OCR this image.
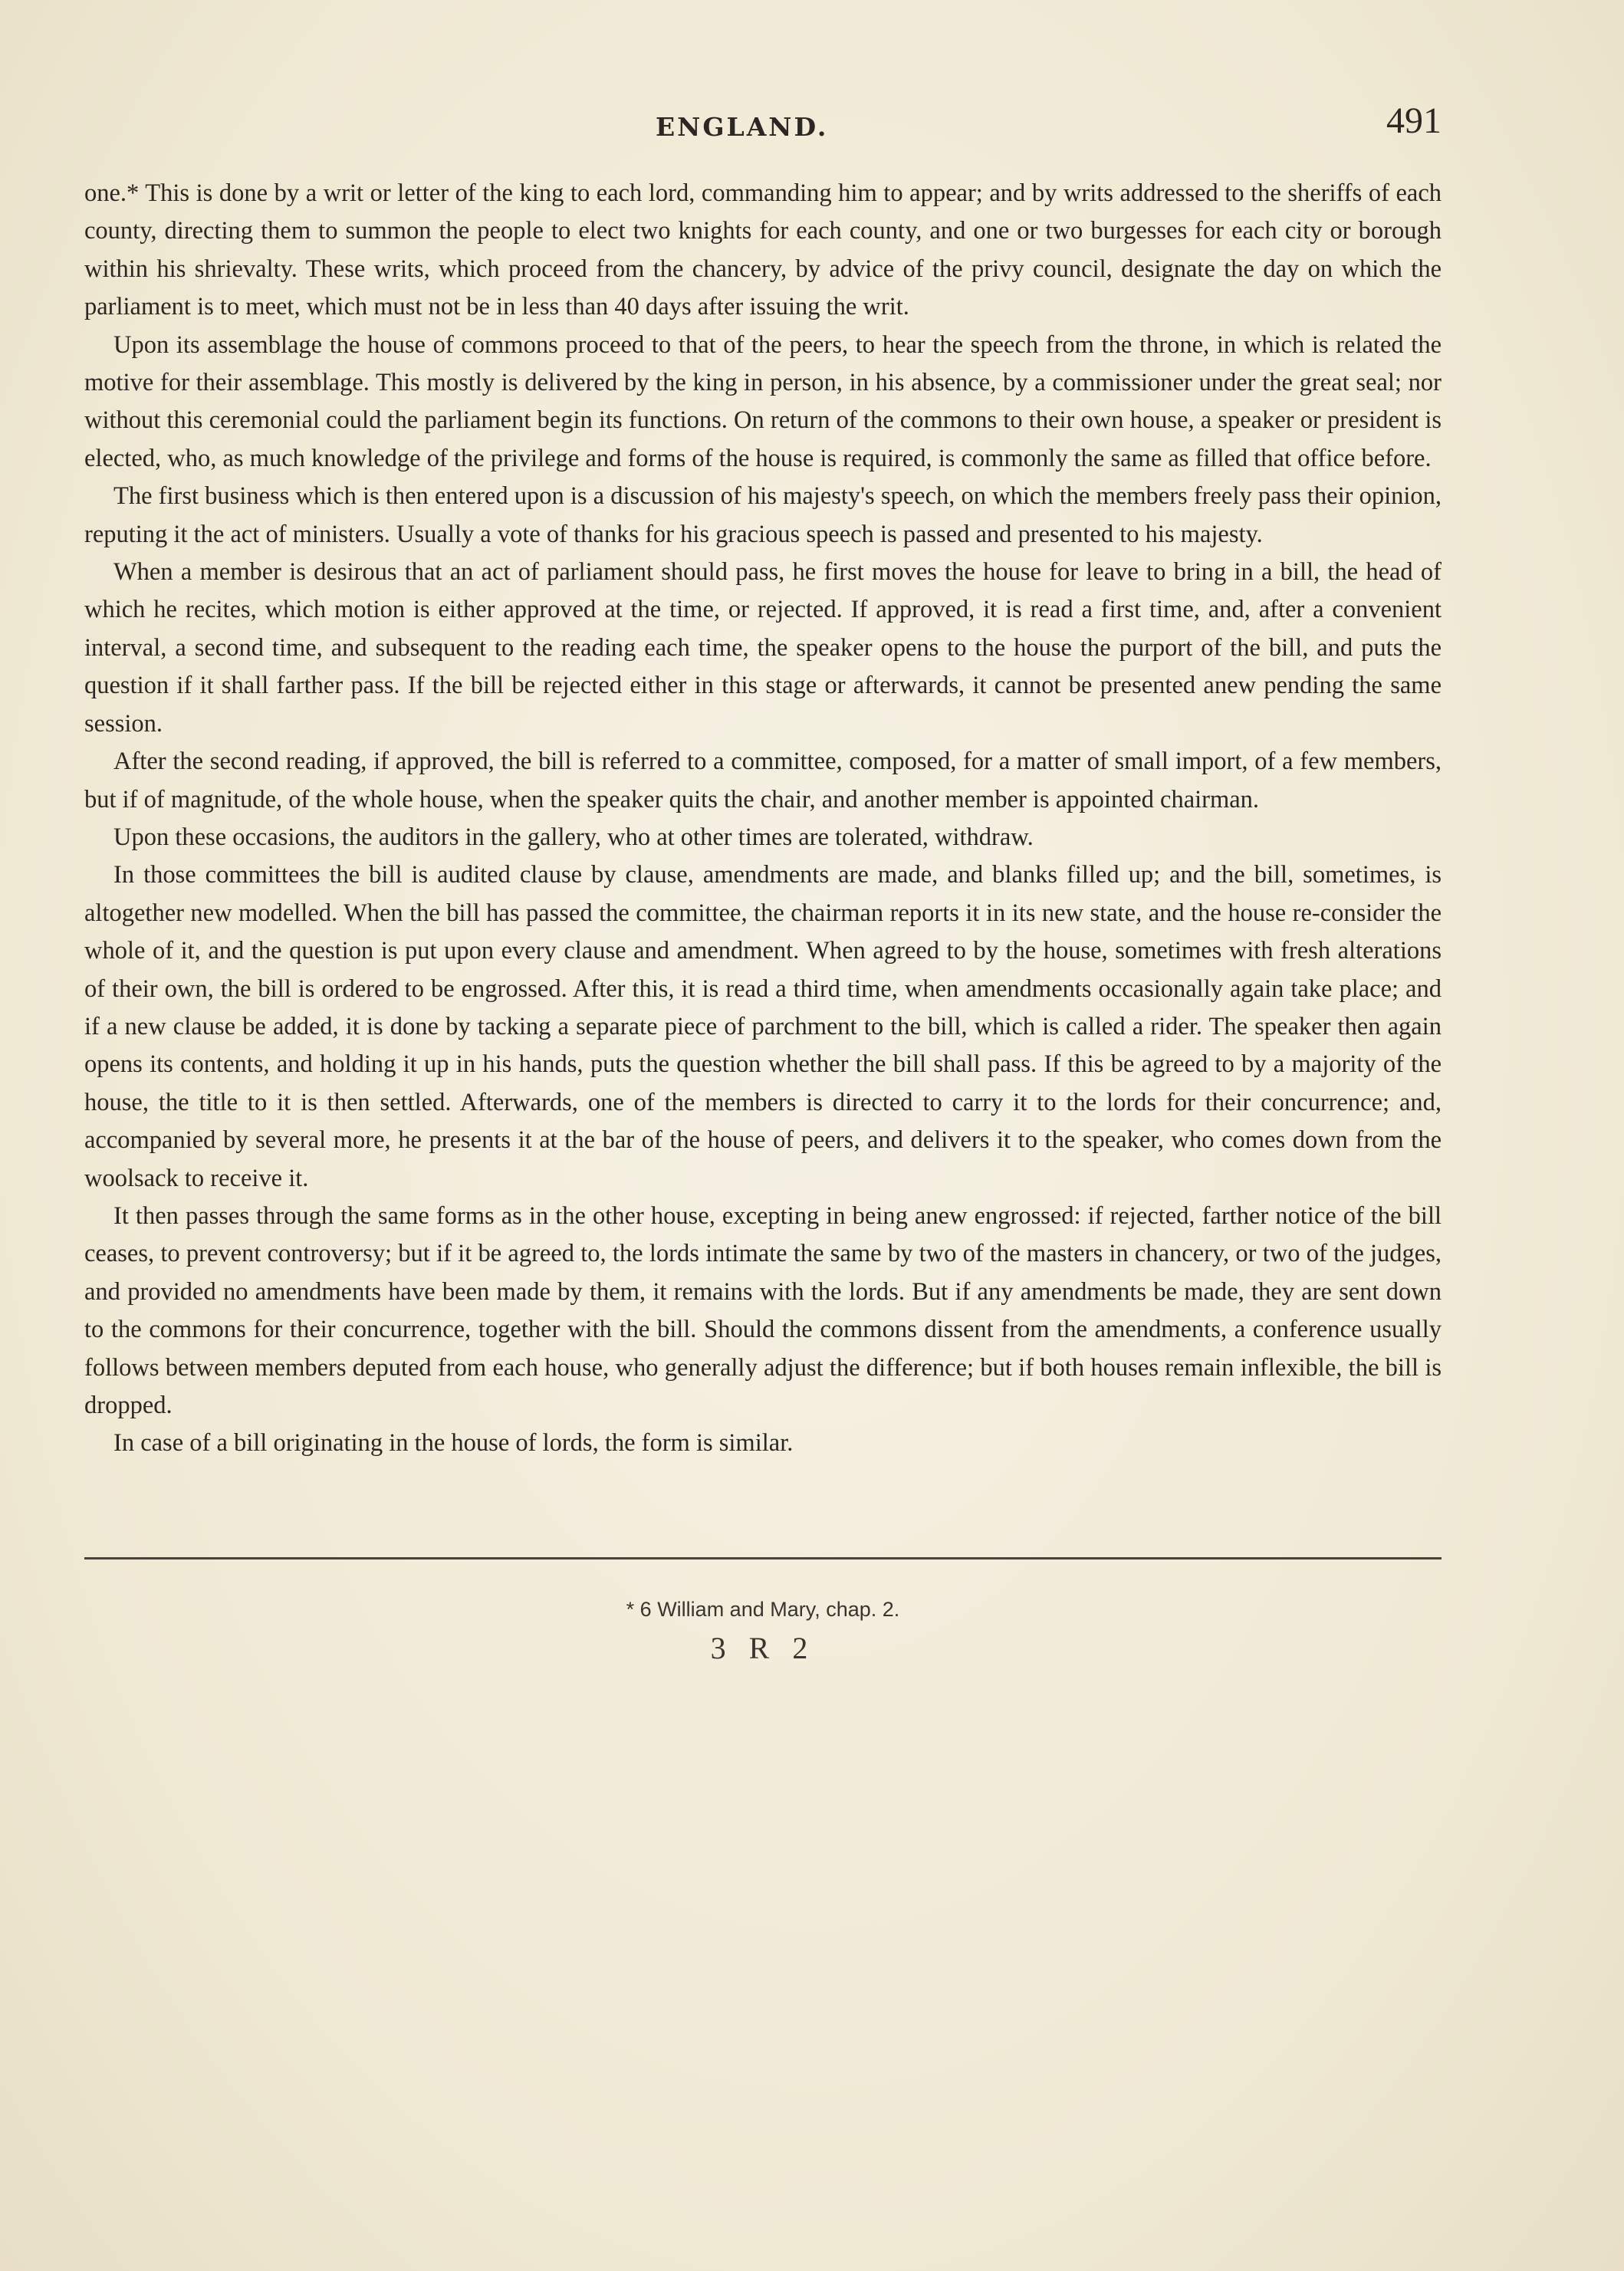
ENGLAND.	491

one.* This is done by a writ or letter of the king to each lord, commanding him to appear; and by writs addressed to the sheriffs of each county, directing them to summon the people to elect two knights for each county, and one or two burgesses for each city or borough within his shrievalty. These writs, which proceed from the chancery, by advice of the privy council, designate the day on which the parliament is to meet, which must not be in less than 40 days after issuing the writ.

Upon its assemblage the house of commons proceed to that of the peers, to hear the speech from the throne, in which is related the motive for their assemblage. This mostly is delivered by the king in person, in his absence, by a commissioner under the great seal; nor without this ceremonial could the parliament begin its functions. On return of the commons to their own house, a speaker or president is elected, who, as much knowledge of the privilege and forms of the house is required, is commonly the same as filled that office before.

The first business which is then entered upon is a discussion of his majesty's speech, on which the members freely pass their opinion, reputing it the act of ministers. Usually a vote of thanks for his gracious speech is passed and presented to his majesty.

When a member is desirous that an act of parliament should pass, he first moves the house for leave to bring in a bill, the head of which he recites, which motion is either approved at the time, or rejected. If approved, it is read a first time, and, after a convenient interval, a second time, and subsequent to the reading each time, the speaker opens to the house the purport of the bill, and puts the question if it shall farther pass. If the bill be rejected either in this stage or afterwards, it cannot be presented anew pending the same session.

After the second reading, if approved, the bill is referred to a committee, composed, for a matter of small import, of a few members, but if of magnitude, of the whole house, when the speaker quits the chair, and another member is appointed chairman.

Upon these occasions, the auditors in the gallery, who at other times are tolerated, withdraw.

In those committees the bill is audited clause by clause, amendments are made, and blanks filled up; and the bill, sometimes, is altogether new modelled. When the bill has passed the committee, the chairman reports it in its new state, and the house re-consider the whole of it, and the question is put upon every clause and amendment. When agreed to by the house, sometimes with fresh alterations of their own, the bill is ordered to be engrossed. After this, it is read a third time, when amendments occasionally again take place; and if a new clause be added, it is done by tacking a separate piece of parchment to the bill, which is called a rider. The speaker then again opens its contents, and holding it up in his hands, puts the question whether the bill shall pass. If this be agreed to by a majority of the house, the title to it is then settled. Afterwards, one of the members is directed to carry it to the lords for their concurrence; and, accompanied by several more, he presents it at the bar of the house of peers, and delivers it to the speaker, who comes down from the woolsack to receive it.

It then passes through the same forms as in the other house, excepting in being anew engrossed: if rejected, farther notice of the bill ceases, to prevent controversy; but if it be agreed to, the lords intimate the same by two of the masters in chancery, or two of the judges, and provided no amendments have been made by them, it remains with the lords. But if any amendments be made, they are sent down to the commons for their concurrence, together with the bill. Should the commons dissent from the amendments, a conference usually follows between members deputed from each house, who generally adjust the difference; but if both houses remain inflexible, the bill is dropped.

In case of a bill originating in the house of lords, the form is similar.

* 6 William and Mary, chap. 2.
3 R 2
